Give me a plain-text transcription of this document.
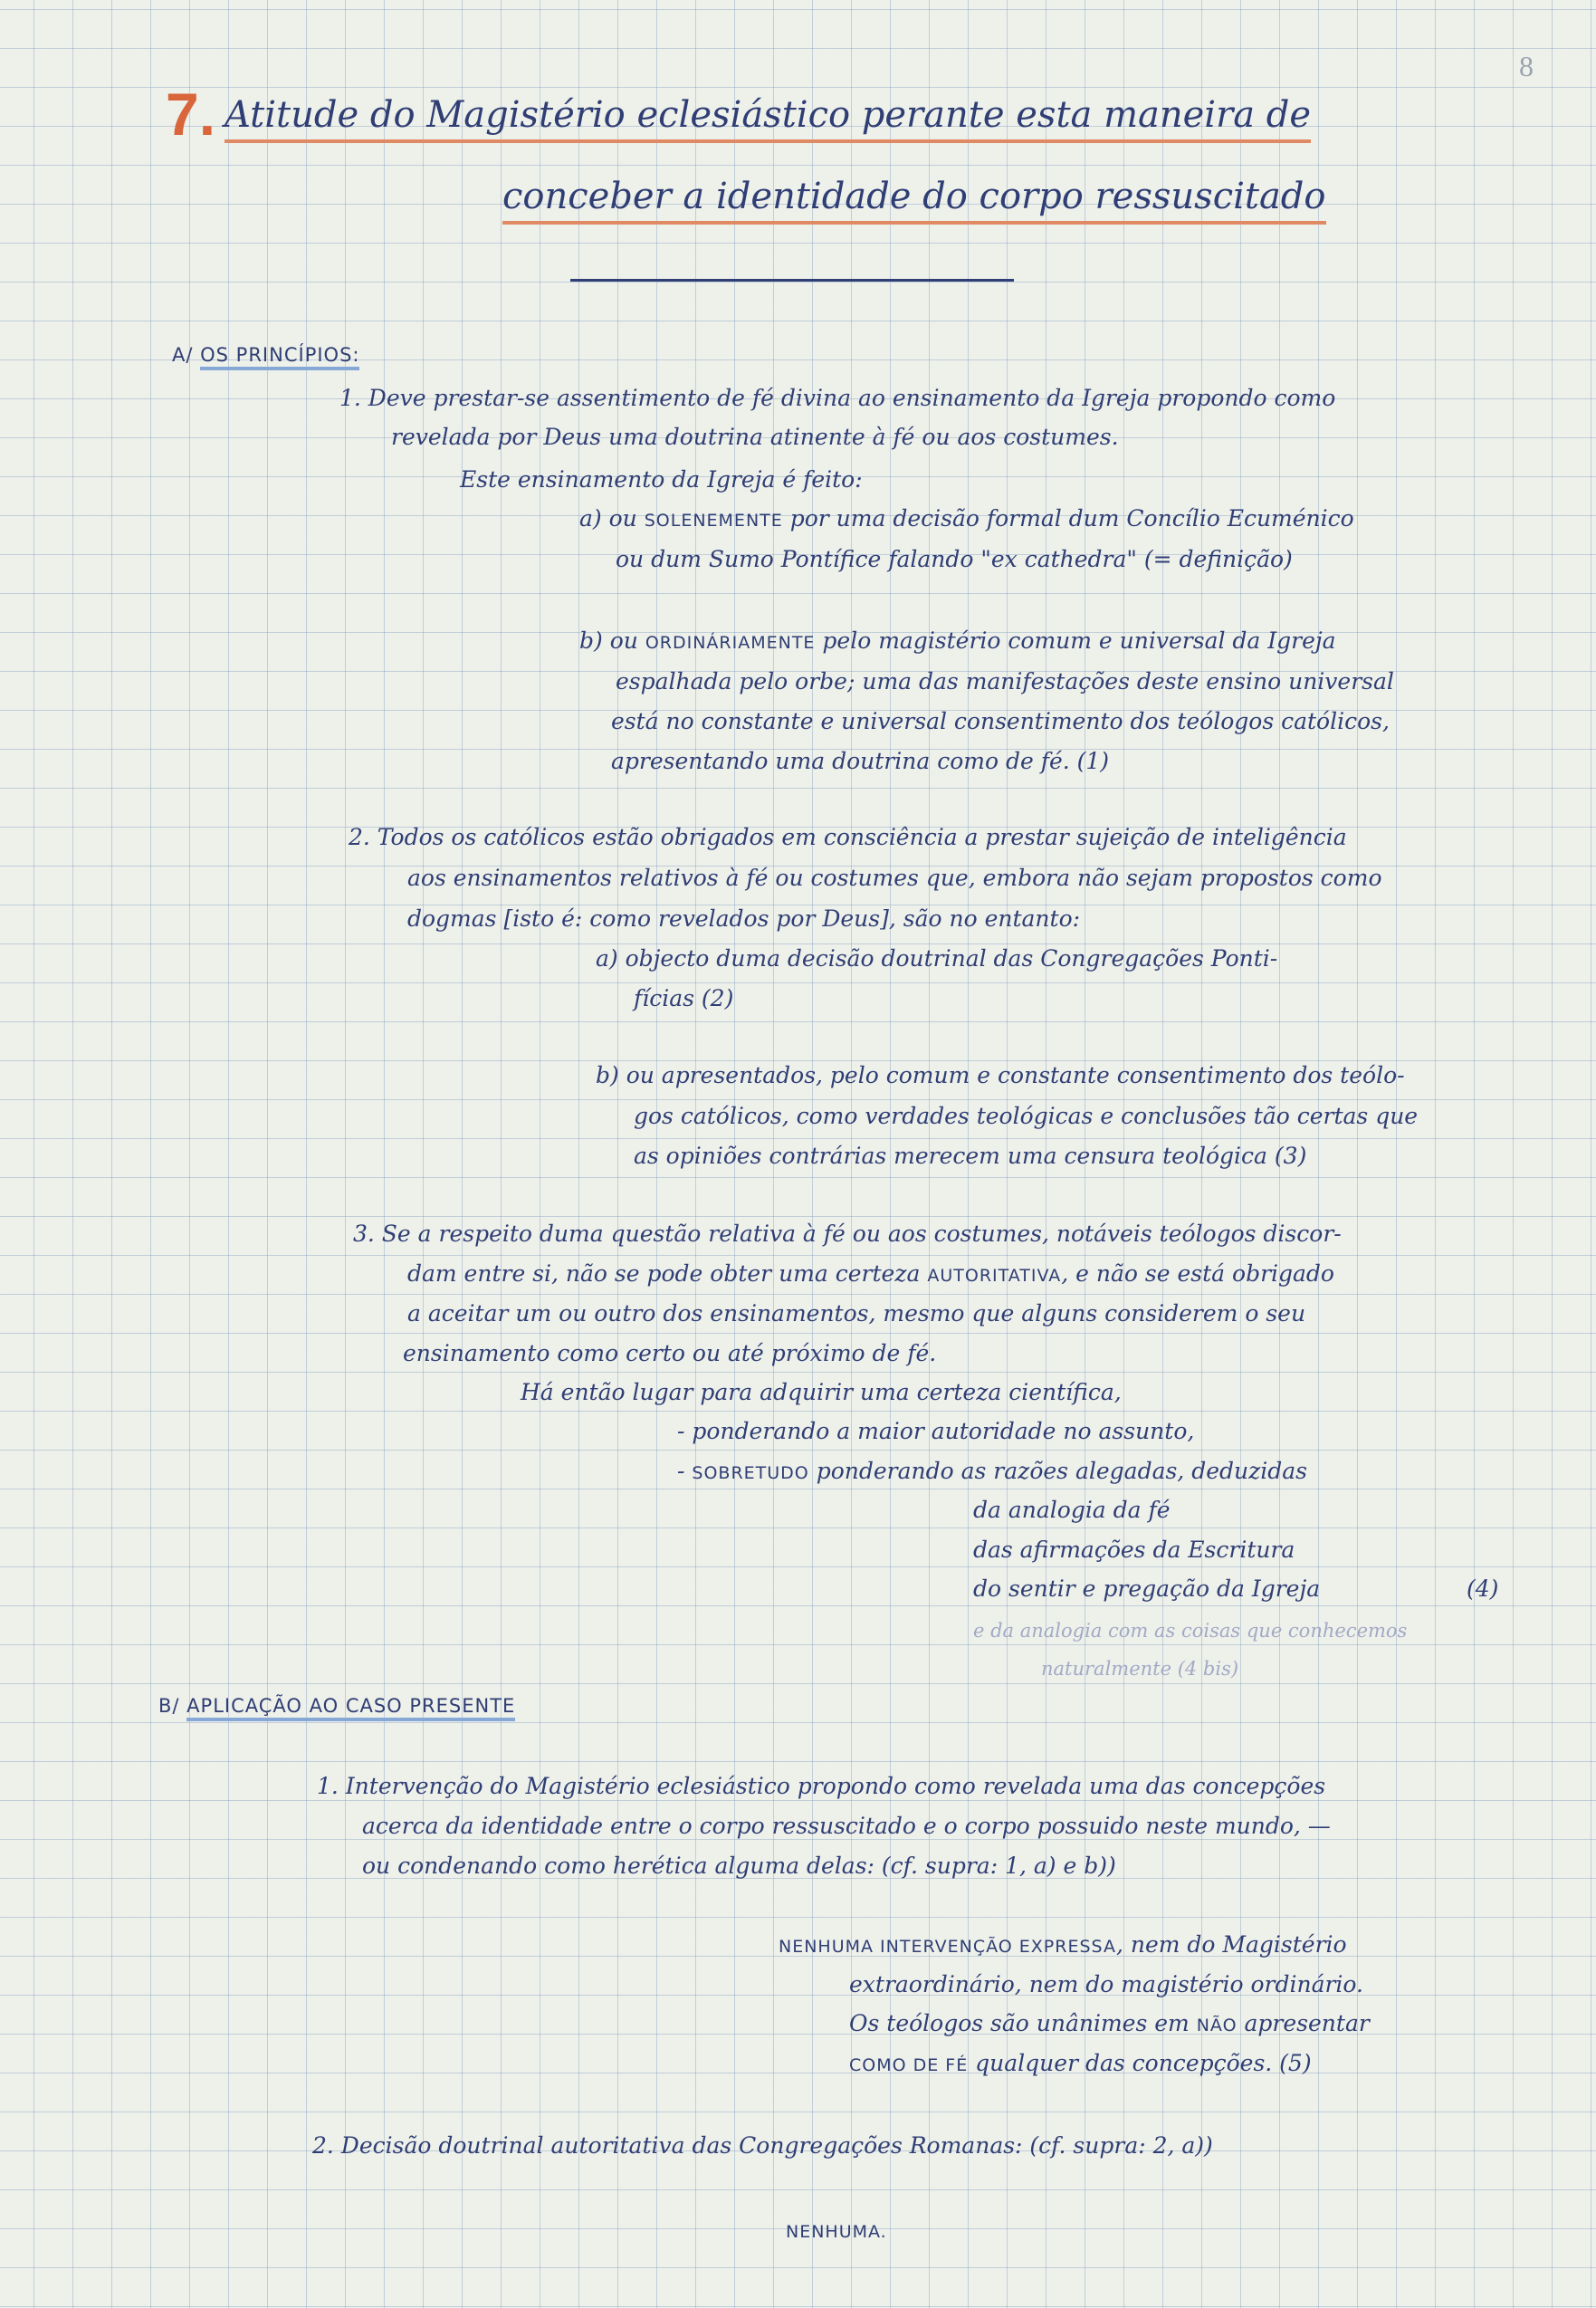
8
7. Atitude do Magistério eclesiástico perante esta maneira de
conceber a identidade do corpo ressuscitado
A/ OS PRINCÍPIOS:
1. Deve prestar-se assentimento de fé divina ao ensinamento da Igreja propondo como
revelada por Deus uma doutrina atinente à fé ou aos costumes.
Este ensinamento da Igreja é feito:
a) ou SOLENEMENTE por uma decisão formal dum Concílio Ecuménico
ou dum Sumo Pontífice falando "ex cathedra" (= definição)
b) ou ORDINÁRIAMENTE pelo magistério comum e universal da Igreja
espalhada pelo orbe; uma das manifestações deste ensino universal
está no constante e universal consentimento dos teólogos católicos,
apresentando uma doutrina como de fé. (1)
2. Todos os católicos estão obrigados em consciência a prestar sujeição de inteligência
aos ensinamentos relativos à fé ou costumes que, embora não sejam propostos como
dogmas [isto é: como revelados por Deus], são no entanto:
a) objecto duma decisão doutrinal das Congregações Ponti-
fícias (2)
b) ou apresentados, pelo comum e constante consentimento dos teólo-
gos católicos, como verdades teológicas e conclusões tão certas que
as opiniões contrárias merecem uma censura teológica (3)
3. Se a respeito duma questão relativa à fé ou aos costumes, notáveis teólogos discor-
dam entre si, não se pode obter uma certeza AUTORITATIVA, e não se está obrigado
a aceitar um ou outro dos ensinamentos, mesmo que alguns considerem o seu
ensinamento como certo ou até próximo de fé.
Há então lugar para adquirir uma certeza científica,
- ponderando a maior autoridade no assunto,
- SOBRETUDO ponderando as razões alegadas, deduzidas
da analogia da fé
das afirmações da Escritura
do sentir e pregação da Igreja	(4)
e da analogia com as coisas que conhecemos
naturalmente (4 bis)
B/ APLICAÇÃO AO CASO PRESENTE
1. Intervenção do Magistério eclesiástico propondo como revelada uma das concepções
acerca da identidade entre o corpo ressuscitado e o corpo possuido neste mundo, —
ou condenando como herética alguma delas: (cf. supra: 1, a) e b))
NENHUMA INTERVENÇÃO EXPRESSA, nem do Magistério
extraordinário, nem do magistério ordinário.
Os teólogos são unânimes em NÃO apresentar
COMO DE FÉ qualquer das concepções. (5)
2. Decisão doutrinal autoritativa das Congregações Romanas: (cf. supra: 2, a))
NENHUMA.
